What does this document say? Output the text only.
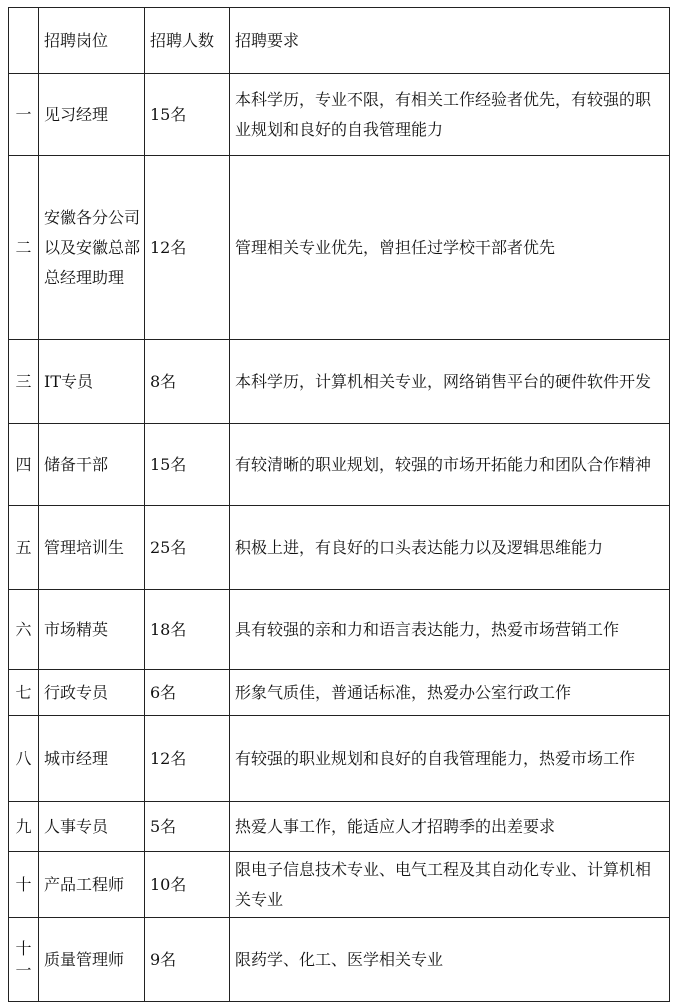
	招聘岗位	招聘人数	招聘要求
一	见习经理	15名	本科学历，专业不限，有相关工作经验者优先，有较强的职业规划和良好的自我管理能力
二	安徽各分公司以及安徽总部总经理助理	12名	管理相关专业优先，曾担任过学校干部者优先
三	IT专员	8名	本科学历，计算机相关专业，网络销售平台的硬件软件开发
四	储备干部	15名	有较清晰的职业规划，较强的市场开拓能力和团队合作精神
五	管理培训生	25名	积极上进，有良好的口头表达能力以及逻辑思维能力
六	市场精英	18名	具有较强的亲和力和语言表达能力，热爱市场营销工作
七	行政专员	6名	形象气质佳，普通话标准，热爱办公室行政工作
八	城市经理	12名	有较强的职业规划和良好的自我管理能力，热爱市场工作
九	人事专员	5名	热爱人事工作，能适应人才招聘季的出差要求
十	产品工程师	10名	限电子信息技术专业、电气工程及其自动化专业、计算机相关专业
十一	质量管理师	9名	限药学、化工、医学相关专业
